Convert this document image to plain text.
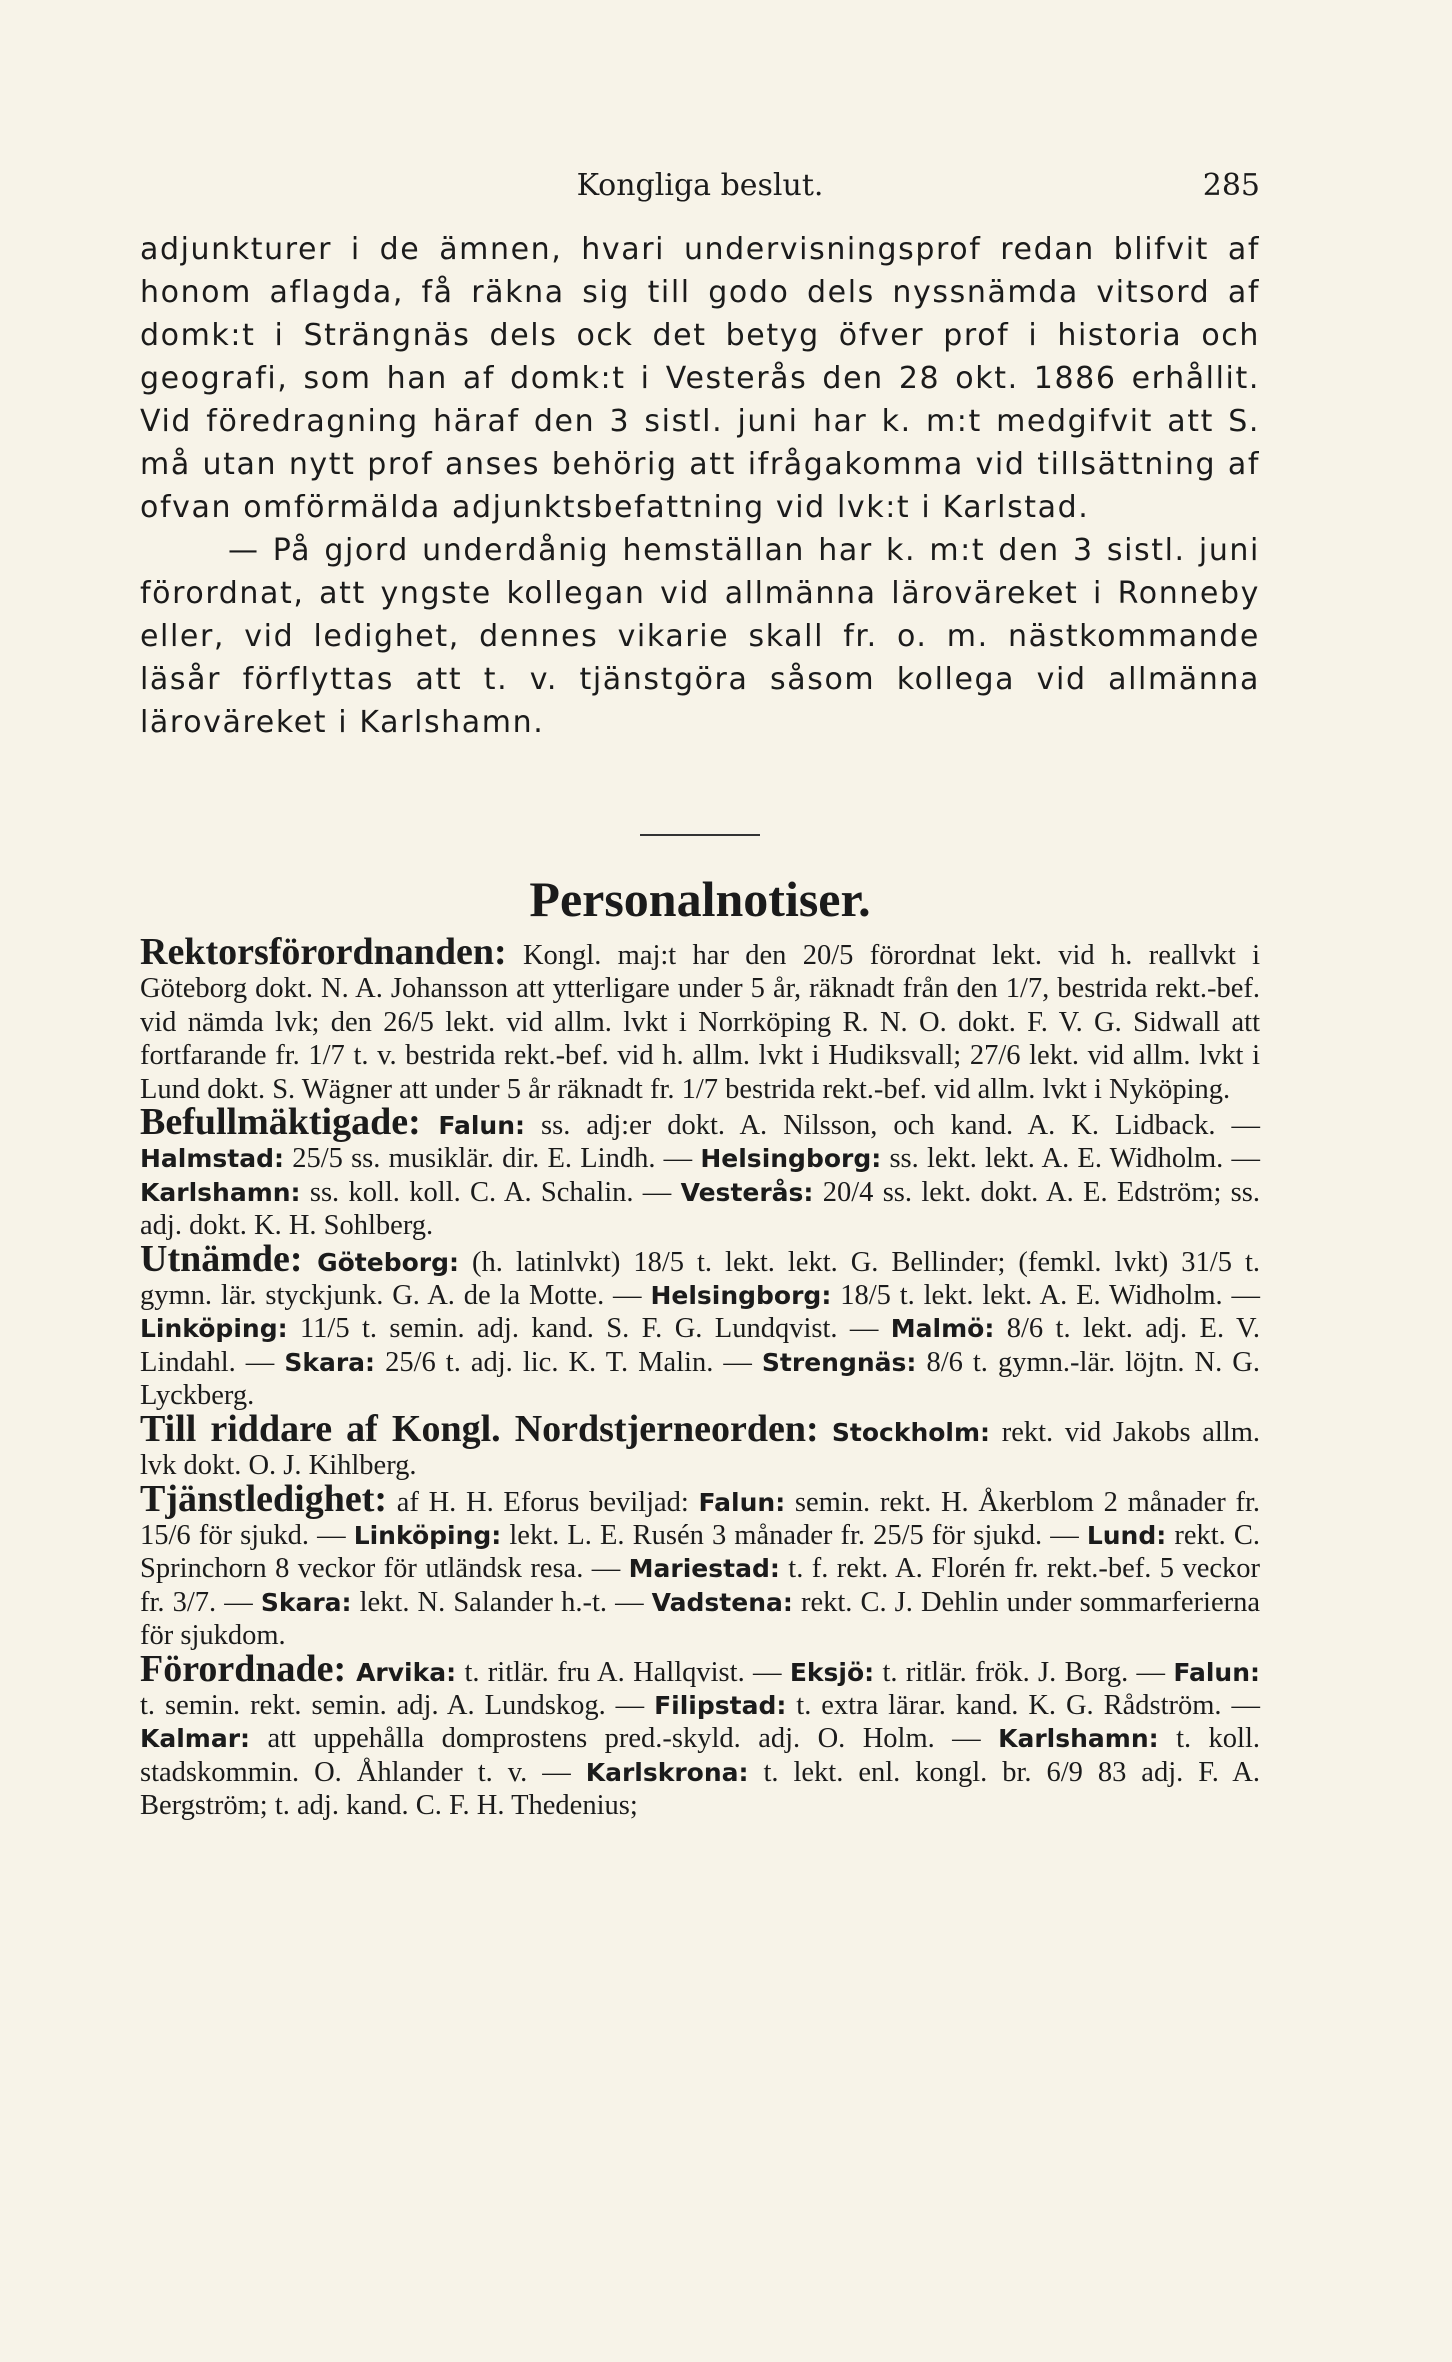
Kongliga beslut.	285

adjunkturer i de ämnen, hvari undervisningsprof redan blifvit af honom aflagda, få räkna sig till godo dels nyssnämda vitsord af domk:t i Strängnäs dels ock det betyg öfver prof i historia och geografi, som han af domk:t i Vesterås den 28 okt. 1886 erhållit. Vid föredragning häraf den 3 sistl. juni har k. m:t medgifvit att S. må utan nytt prof anses behörig att ifrågakomma vid tillsättning af ofvan omförmälda adjunktsbefattning vid lvk:t i Karlstad.

— På gjord underdånig hemställan har k. m:t den 3 sistl. juni förordnat, att yngste kollegan vid allmänna läroväreket i Ronneby eller, vid ledighet, dennes vikarie skall fr. o. m. nästkommande läsår förflyttas att t. v. tjänstgöra såsom kollega vid allmänna läroväreket i Karlshamn.

Personalnotiser.

Rektorsförordnanden: Kongl. maj:t har den 20/5 förordnat lekt. vid h. reallvkt i Göteborg dokt. N. A. Johansson att ytterligare under 5 år, räknadt från den 1/7, bestrida rekt.-bef. vid nämda lvk; den 26/5 lekt. vid allm. lvkt i Norrköping R. N. O. dokt. F. V. G. Sidwall att fortfarande fr. 1/7 t. v. bestrida rekt.-bef. vid h. allm. lvkt i Hudiksvall; 27/6 lekt. vid allm. lvkt i Lund dokt. S. Wägner att under 5 år räknadt fr. 1/7 bestrida rekt.-bef. vid allm. lvkt i Nyköping.

Befullmäktigade: Falun: ss. adj:er dokt. A. Nilsson, och kand. A. K. Lidback. — Halmstad: 25/5 ss. musiklär. dir. E. Lindh. — Helsingborg: ss. lekt. lekt. A. E. Widholm. — Karlshamn: ss. koll. koll. C. A. Schalin. — Vesterås: 20/4 ss. lekt. dokt. A. E. Edström; ss. adj. dokt. K. H. Sohlberg.

Utnämde: Göteborg: (h. latinlvkt) 18/5 t. lekt. lekt. G. Bellinder; (femkl. lvkt) 31/5 t. gymn. lär. styckjunk. G. A. de la Motte. — Helsingborg: 18/5 t. lekt. lekt. A. E. Widholm. — Linköping: 11/5 t. semin. adj. kand. S. F. G. Lundqvist. — Malmö: 8/6 t. lekt. adj. E. V. Lindahl. — Skara: 25/6 t. adj. lic. K. T. Malin. — Strengnäs: 8/6 t. gymn.-lär. löjtn. N. G. Lyckberg.

Till riddare af Kongl. Nordstjerneorden: Stockholm: rekt. vid Jakobs allm. lvk dokt. O. J. Kihlberg.

Tjänstledighet: af H. H. Eforus beviljad: Falun: semin. rekt. H. Åkerblom 2 månader fr. 15/6 för sjukd. — Linköping: lekt. L. E. Rusén 3 månader fr. 25/5 för sjukd. — Lund: rekt. C. Sprinchorn 8 veckor för utländsk resa. — Mariestad: t. f. rekt. A. Florén fr. rekt.-bef. 5 veckor fr. 3/7. — Skara: lekt. N. Salander h.-t. — Vadstena: rekt. C. J. Dehlin under sommarferierna för sjukdom.

Förordnade: Arvika: t. ritlär. fru A. Hallqvist. — Eksjö: t. ritlär. frök. J. Borg. — Falun: t. semin. rekt. semin. adj. A. Lundskog. — Filipstad: t. extra lärar. kand. K. G. Rådström. — Kalmar: att uppehålla domprostens pred.-skyld. adj. O. Holm. — Karlshamn: t. koll. stadskommin. O. Åhlander t. v. — Karlskrona: t. lekt. enl. kongl. br. 6/9 83 adj. F. A. Bergström; t. adj. kand. C. F. H. Thedenius;
